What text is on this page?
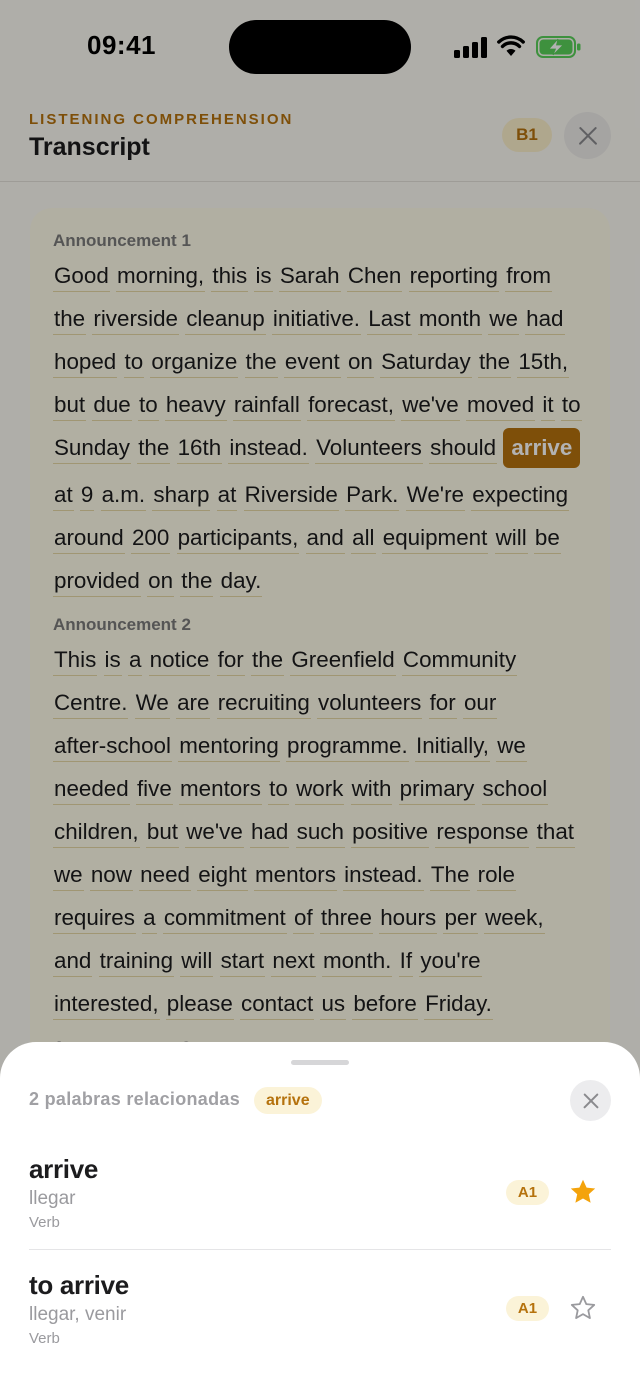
09:41
LISTENING COMPREHENSION
Transcript	B1
Announcement 1
Good morning, this is Sarah Chen reporting from the riverside cleanup initiative. Last month we had hoped to organize the event on Saturday the 15th, but due to heavy rainfall forecast, we've moved it to Sunday the 16th instead. Volunteers should arrive at 9 a.m. sharp at Riverside Park. We're expecting around 200 participants, and all equipment will be provided on the day.
Announcement 2
This is a notice for the Greenfield Community Centre. We are recruiting volunteers for our after-school mentoring programme. Initially, we needed five mentors to work with primary school children, but we've had such positive response that we now need eight mentors instead. The role requires a commitment of three hours per week, and training will start next month. If you're interested, please contact us before Friday.

2 palabras relacionadas	arrive
arrive
llegar
Verb
A1
to arrive
llegar, venir
Verb
A1
